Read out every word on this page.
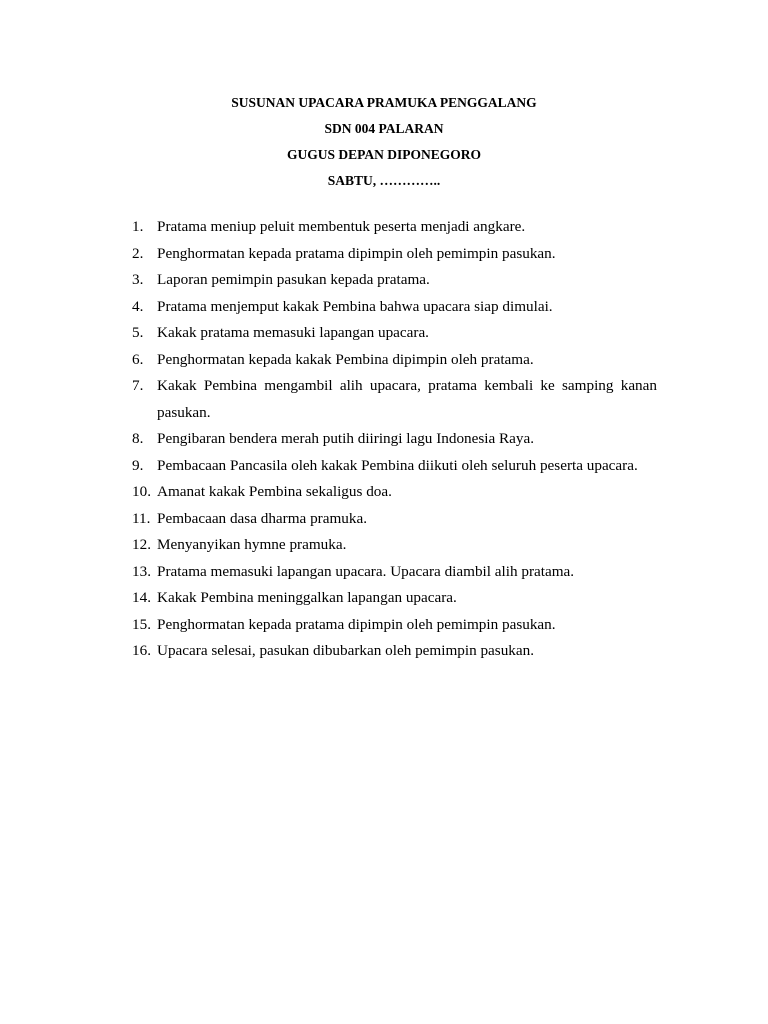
SUSUNAN UPACARA PRAMUKA PENGGALANG
SDN 004 PALARAN
GUGUS DEPAN DIPONEGORO
SABTU, …………..
1. Pratama meniup peluit membentuk peserta menjadi angkare.
2. Penghormatan kepada pratama dipimpin oleh pemimpin pasukan.
3. Laporan pemimpin pasukan kepada pratama.
4. Pratama menjemput kakak Pembina bahwa upacara siap dimulai.
5. Kakak pratama memasuki lapangan upacara.
6. Penghormatan kepada kakak Pembina dipimpin oleh pratama.
7. Kakak Pembina mengambil alih upacara, pratama kembali ke samping kanan pasukan.
8. Pengibaran bendera merah putih diiringi lagu Indonesia Raya.
9. Pembacaan Pancasila oleh kakak Pembina diikuti oleh seluruh peserta upacara.
10. Amanat kakak Pembina sekaligus doa.
11. Pembacaan dasa dharma pramuka.
12. Menyanyikan hymne pramuka.
13. Pratama memasuki lapangan upacara. Upacara diambil alih pratama.
14. Kakak Pembina meninggalkan lapangan upacara.
15. Penghormatan kepada pratama dipimpin oleh pemimpin pasukan.
16. Upacara selesai, pasukan dibubarkan oleh pemimpin pasukan.
